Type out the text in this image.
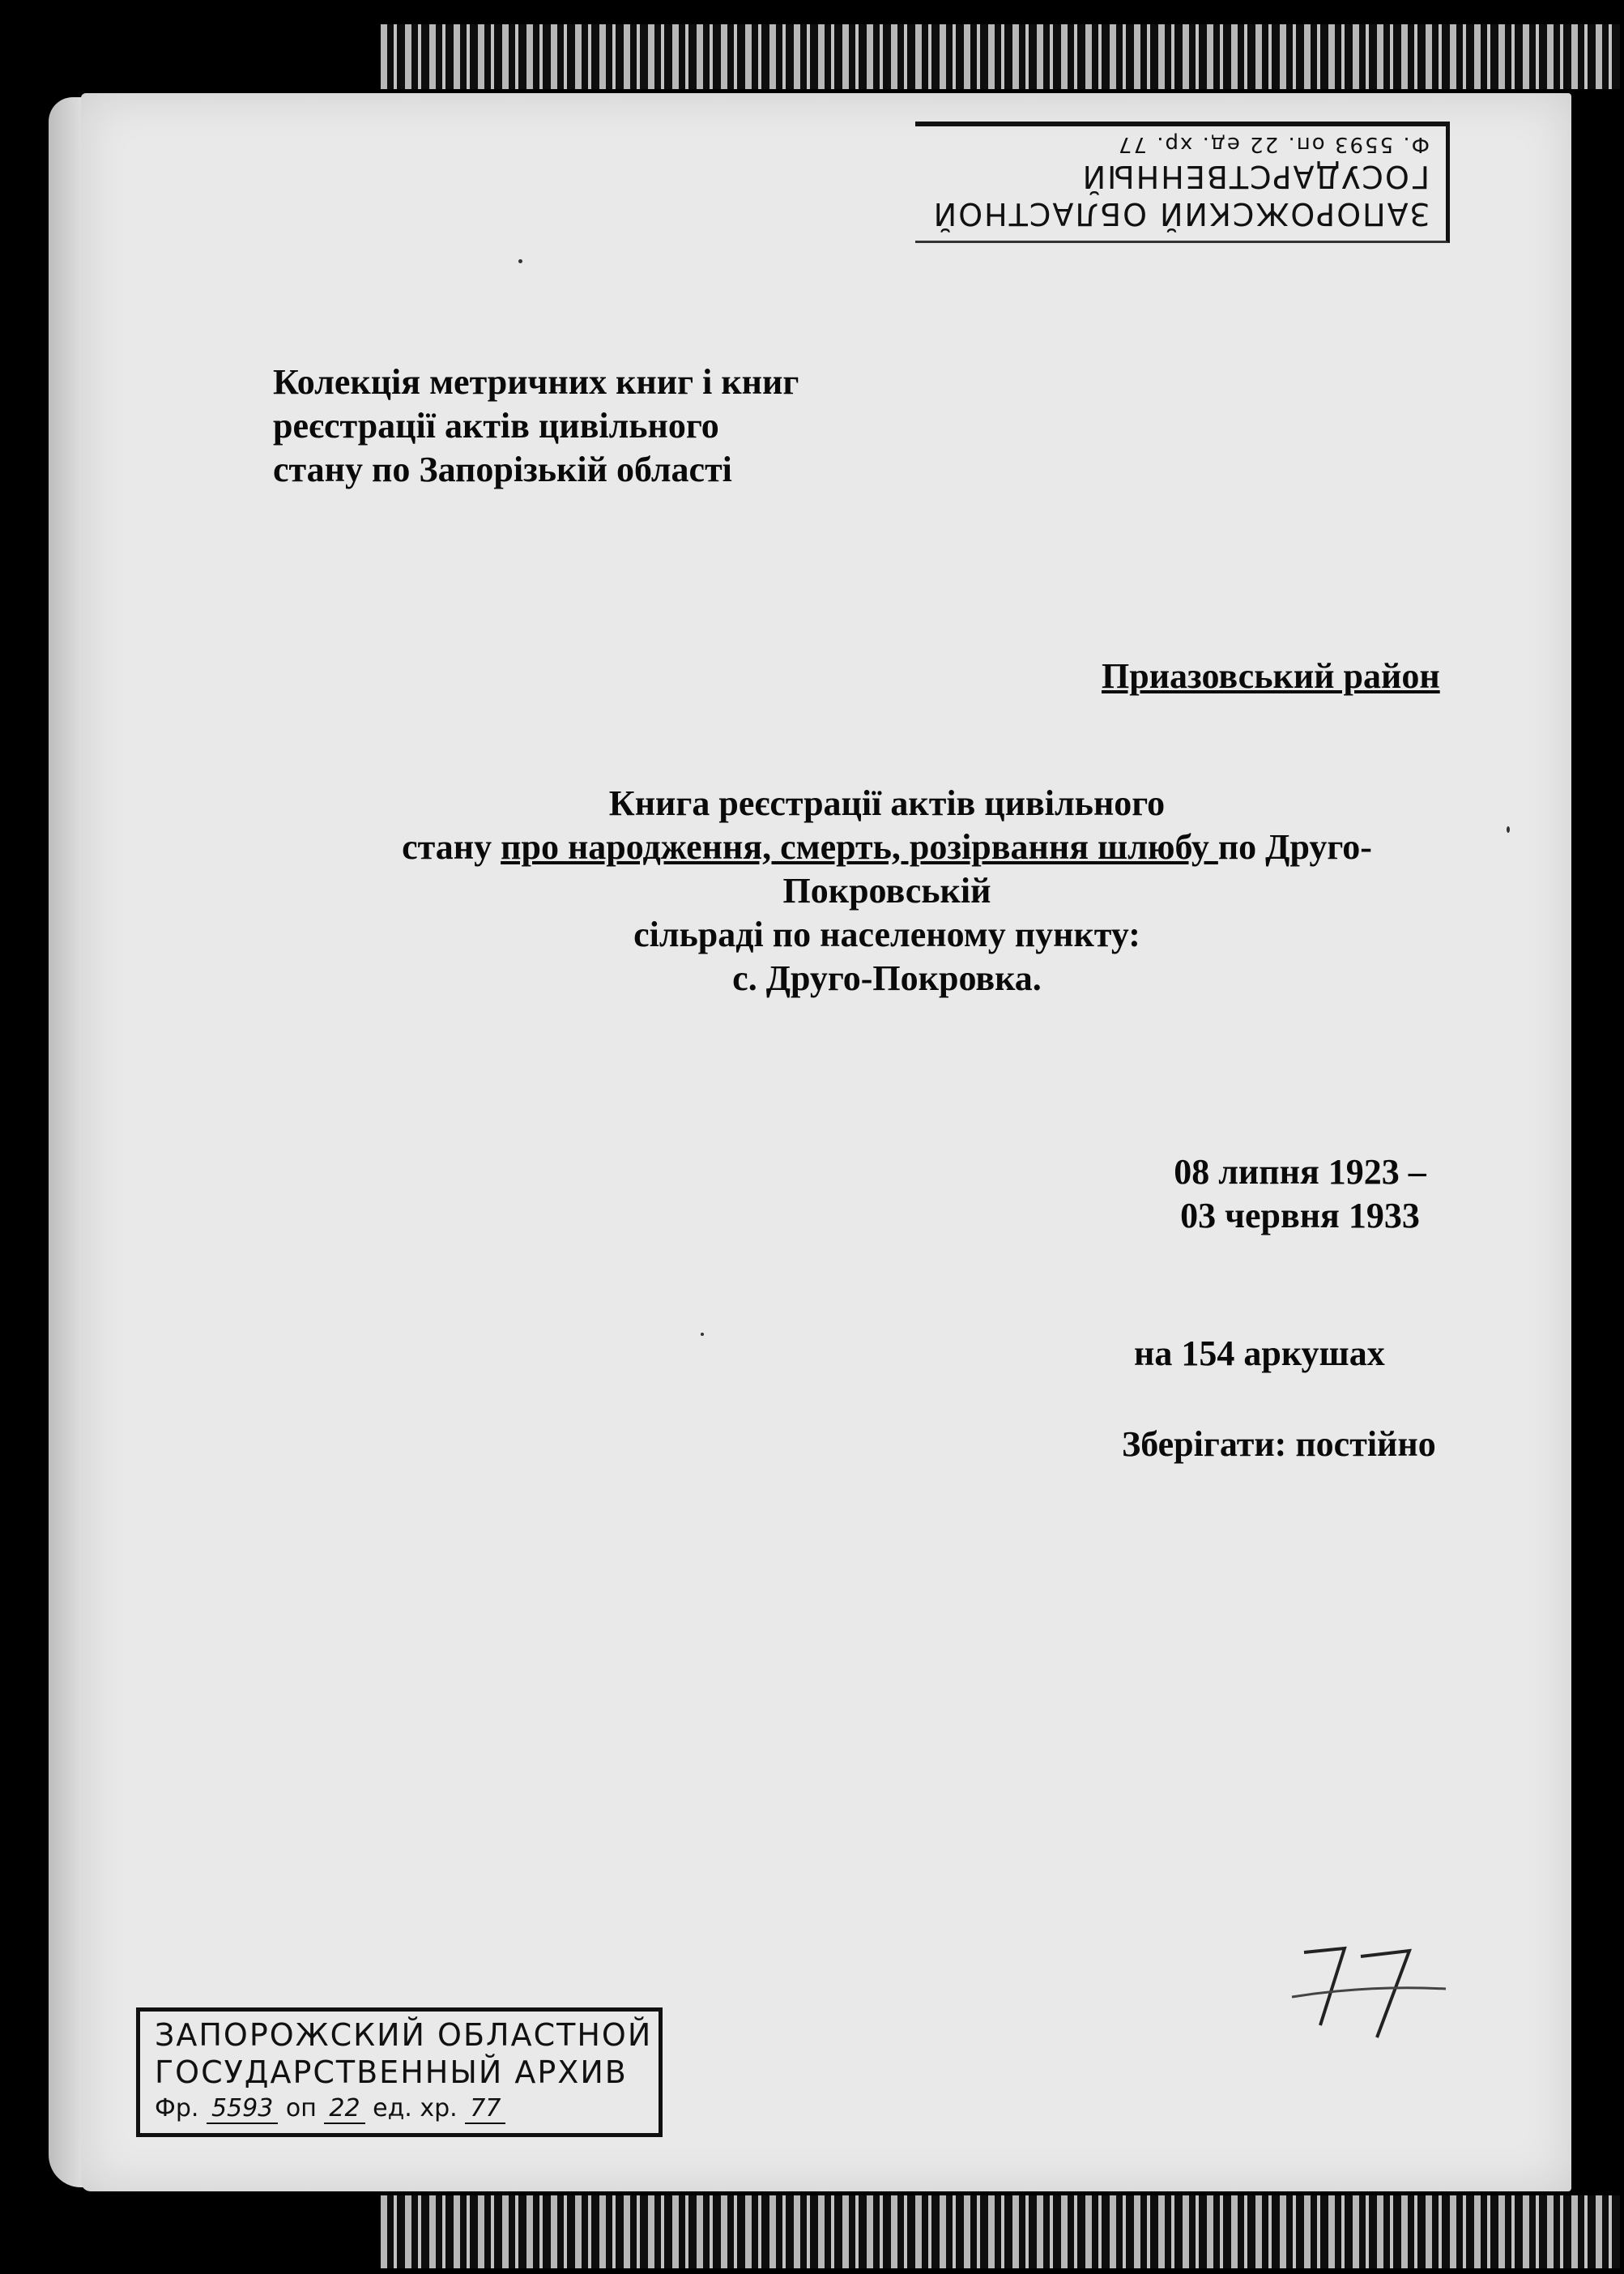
ЗАПОРОЖСКИЙ ОБЛАСТНОЙ
ГОСУДАРСТВЕННЫЙ
Ф. 5593 оп. 22 ед. хр. 77
Колекція метричних книг і книг
реєстрації актів цивільного
стану по Запорізькій області
Приазовський район
Книга реєстрації актів цивільного
стану про народження, смерть, розірвання шлюбу по Друго-
Покровській
сільраді по населеному пункту:
с. Друго-Покровка.
08 липня 1923 –
03 червня 1933
на 154 аркушах
Зберігати: постійно
ЗАПОРОЖСКИЙ ОБЛАСТНОЙ
ГОСУДАРСТВЕННЫЙ АРХИВ
Фр. 5593 оп 22 ед. хр. 77
